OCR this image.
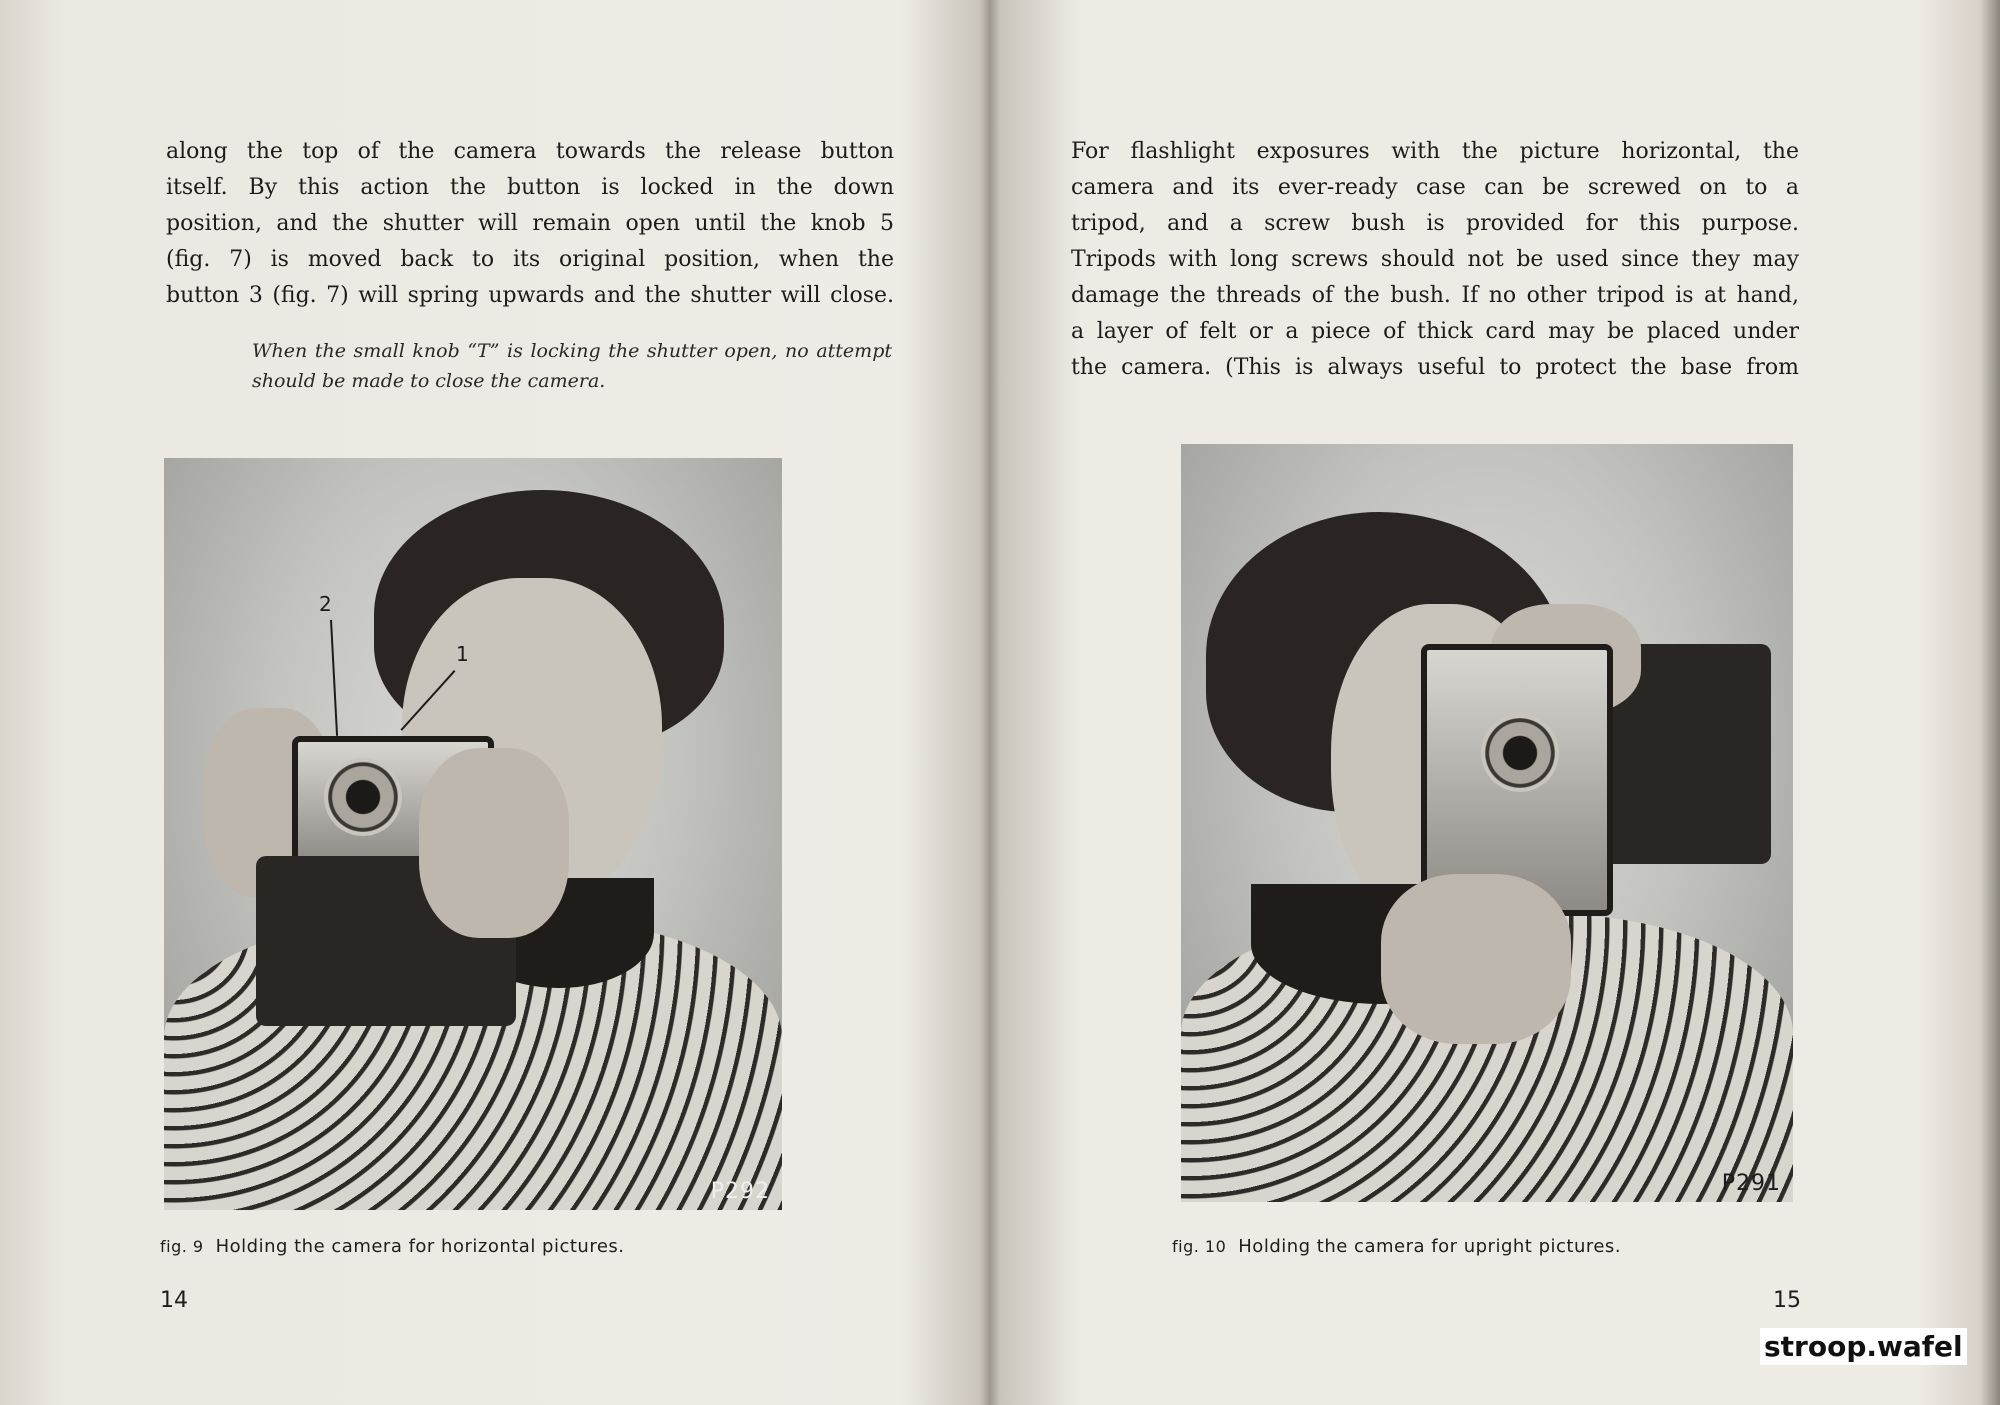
along the top of the camera towards the release button
itself. By this action the button is locked in the down
position, and the shutter will remain open until the knob 5
(fig. 7) is moved back to its original position, when the
button 3 (fig. 7) will spring upwards and the shutter will close.
When the small knob “T” is locking the shutter open, no attempt should be made to close the camera.
2
1
P292
fig. 9 Holding the camera for horizontal pictures.
14
For flashlight exposures with the picture horizontal, the
camera and its ever-ready case can be screwed on to a
tripod, and a screw bush is provided for this purpose.
Tripods with long screws should not be used since they may
damage the threads of the bush. If no other tripod is at hand,
a layer of felt or a piece of thick card may be placed under
the camera. (This is always useful to protect the base from
P291
fig. 10 Holding the camera for upright pictures.
15
stroop.wafel
